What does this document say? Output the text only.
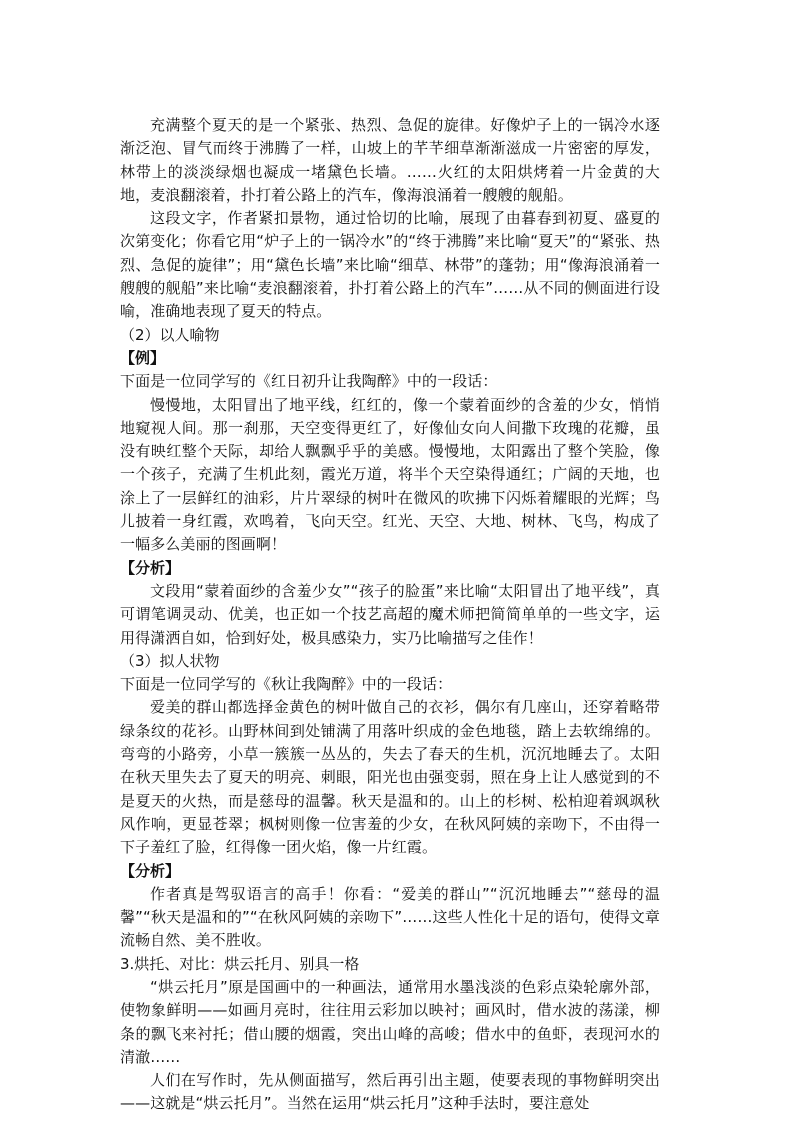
充满整个夏天的是一个紧张、热烈、急促的旋律。好像炉子上的一锅冷水逐渐泛泡、冒气而终于沸腾了一样，山坡上的芊芊细草渐渐滋成一片密密的厚发，林带上的淡淡绿烟也凝成一堵黛色长墙。……火红的太阳烘烤着一片金黄的大地，麦浪翻滚着，扑打着公路上的汽车，像海浪涌着一艘艘的舰船。

这段文字，作者紧扣景物，通过恰切的比喻，展现了由暮春到初夏、盛夏的次第变化；你看它用“炉子上的一锅冷水”的“终于沸腾”来比喻“夏天”的“紧张、热烈、急促的旋律”；用“黛色长墙”来比喻“细草、林带”的蓬勃；用“像海浪涌着一艘艘的舰船”来比喻“麦浪翻滚着，扑打着公路上的汽车”……从不同的侧面进行设喻，准确地表现了夏天的特点。

（2）以人喻物

【例】

下面是一位同学写的《红日初升让我陶醉》中的一段话：

慢慢地，太阳冒出了地平线，红红的，像一个蒙着面纱的含羞的少女，悄悄地窥视人间。那一刹那，天空变得更红了，好像仙女向人间撒下玫瑰的花瓣，虽没有映红整个天际，却给人飘飘乎乎的美感。慢慢地，太阳露出了整个笑脸，像一个孩子，充满了生机此刻，霞光万道，将半个天空染得通红；广阔的天地，也涂上了一层鲜红的油彩，片片翠绿的树叶在微风的吹拂下闪烁着耀眼的光辉；鸟儿披着一身红霞，欢鸣着，飞向天空。红光、天空、大地、树林、飞鸟，构成了一幅多么美丽的图画啊！

【分析】

文段用“蒙着面纱的含羞少女”“孩子的脸蛋”来比喻“太阳冒出了地平线”，真可谓笔调灵动、优美，也正如一个技艺高超的魔术师把简简单单的一些文字，运用得潇洒自如，恰到好处，极具感染力，实乃比喻描写之佳作！

（3）拟人状物

下面是一位同学写的《秋让我陶醉》中的一段话：

爱美的群山都选择金黄色的树叶做自己的衣衫，偶尔有几座山，还穿着略带绿条纹的花衫。山野林间到处铺满了用落叶织成的金色地毯，踏上去软绵绵的。弯弯的小路旁，小草一簇簇一丛丛的，失去了春天的生机，沉沉地睡去了。太阳在秋天里失去了夏天的明亮、刺眼，阳光也由强变弱，照在身上让人感觉到的不是夏天的火热，而是慈母的温馨。秋天是温和的。山上的杉树、松柏迎着飒飒秋风作响，更显苍翠；枫树则像一位害羞的少女，在秋风阿姨的亲吻下，不由得一下子羞红了脸，红得像一团火焰，像一片红霞。

【分析】

作者真是驾驭语言的高手！你看：“爱美的群山”“沉沉地睡去”“慈母的温馨”“秋天是温和的”“在秋风阿姨的亲吻下”……这些人性化十足的语句，使得文章流畅自然、美不胜收。

3.烘托、对比：烘云托月、别具一格

“烘云托月”原是国画中的一种画法，通常用水墨浅淡的色彩点染轮廓外部，使物象鲜明——如画月亮时，往往用云彩加以映衬；画风时，借水波的荡漾，柳条的飘飞来衬托；借山腰的烟霞，突出山峰的高峻；借水中的鱼虾，表现河水的清澈……

人们在写作时，先从侧面描写，然后再引出主题，使要表现的事物鲜明突出——这就是“烘云托月”。当然在运用“烘云托月”这种手法时，要注意处
